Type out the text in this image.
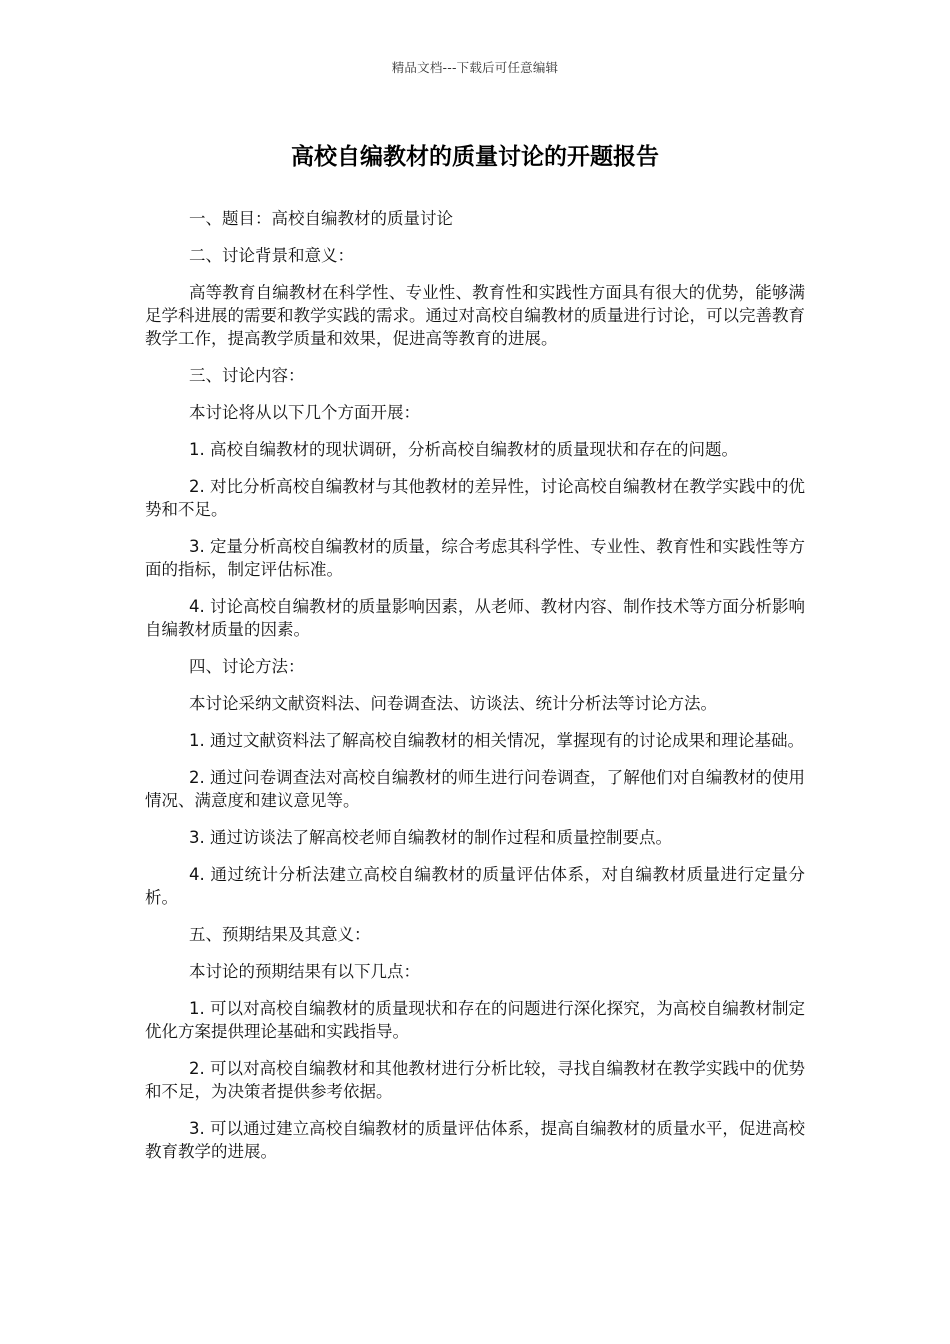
精品文档---下载后可任意编辑
高校自编教材的质量讨论的开题报告

一、题目：高校自编教材的质量讨论

二、讨论背景和意义：

高等教育自编教材在科学性、专业性、教育性和实践性方面具有很大的优势，能够满足学科进展的需要和教学实践的需求。通过对高校自编教材的质量进行讨论，可以完善教育教学工作，提高教学质量和效果，促进高等教育的进展。

三、讨论内容：

本讨论将从以下几个方面开展：

1. 高校自编教材的现状调研，分析高校自编教材的质量现状和存在的问题。

2. 对比分析高校自编教材与其他教材的差异性，讨论高校自编教材在教学实践中的优势和不足。

3. 定量分析高校自编教材的质量，综合考虑其科学性、专业性、教育性和实践性等方面的指标，制定评估标准。

4. 讨论高校自编教材的质量影响因素，从老师、教材内容、制作技术等方面分析影响自编教材质量的因素。

四、讨论方法：

本讨论采纳文献资料法、问卷调查法、访谈法、统计分析法等讨论方法。

1. 通过文献资料法了解高校自编教材的相关情况，掌握现有的讨论成果和理论基础。

2. 通过问卷调查法对高校自编教材的师生进行问卷调查，了解他们对自编教材的使用情况、满意度和建议意见等。

3. 通过访谈法了解高校老师自编教材的制作过程和质量控制要点。

4. 通过统计分析法建立高校自编教材的质量评估体系，对自编教材质量进行定量分析。

五、预期结果及其意义：

本讨论的预期结果有以下几点：

1. 可以对高校自编教材的质量现状和存在的问题进行深化探究，为高校自编教材制定优化方案提供理论基础和实践指导。

2. 可以对高校自编教材和其他教材进行分析比较，寻找自编教材在教学实践中的优势和不足，为决策者提供参考依据。

3. 可以通过建立高校自编教材的质量评估体系，提高自编教材的质量水平，促进高校教育教学的进展。
